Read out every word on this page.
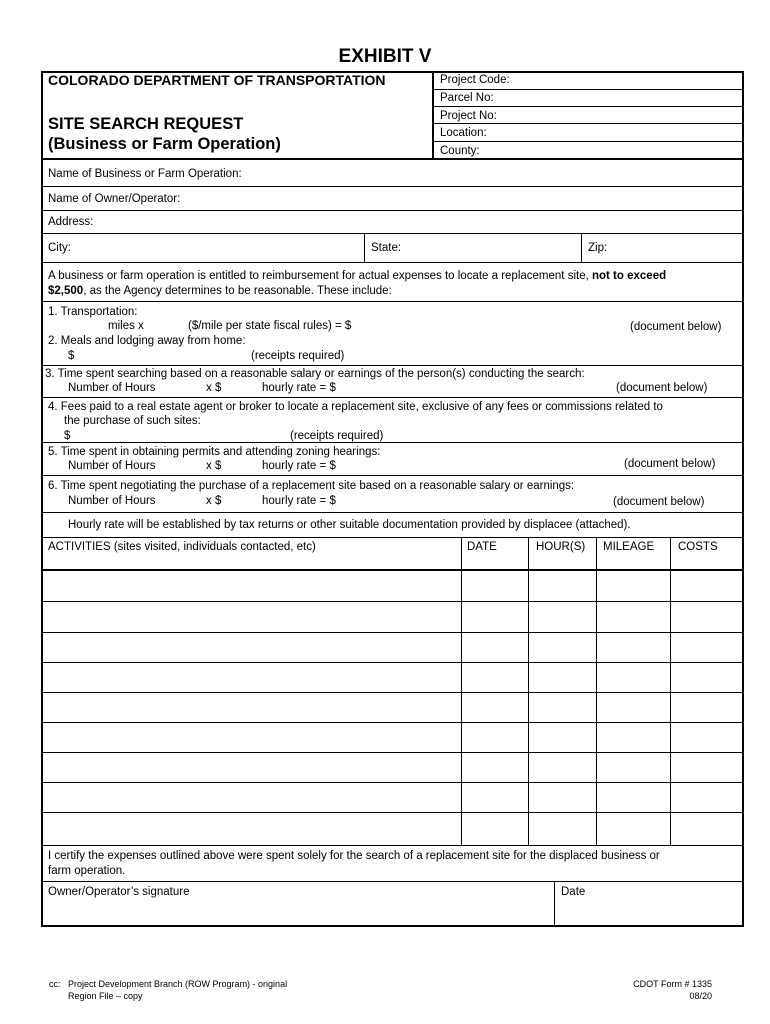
EXHIBIT V
COLORADO DEPARTMENT OF TRANSPORTATION
SITE SEARCH REQUEST
(Business or Farm Operation)
Project Code:
Parcel No:
Project No:
Location:
County:
Name of Business or Farm Operation:
Name of Owner/Operator:
Address:
City:	State:	Zip:
A business or farm operation is entitled to reimbursement for actual expenses to locate a replacement site, not to exceed
$2,500, as the Agency determines to be reasonable. These include:
1. Transportation:
miles x	($/mile per state fiscal rules) = $	(document below)
2. Meals and lodging away from home:
$	(receipts required)
3. Time spent searching based on a reasonable salary or earnings of the person(s) conducting the search:
Number of Hours	x $	hourly rate = $	(document below)
4. Fees paid to a real estate agent or broker to locate a replacement site, exclusive of any fees or commissions related to
the purchase of such sites:
$	(receipts required)
5. Time spent in obtaining permits and attending zoning hearings:
Number of Hours	x $	hourly rate = $	(document below)
6. Time spent negotiating the purchase of a replacement site based on a reasonable salary or earnings:
Number of Hours	x $	hourly rate = $	(document below)
Hourly rate will be established by tax returns or other suitable documentation provided by displacee (attached).
ACTIVITIES (sites visited, individuals contacted, etc)	DATE	HOUR(S) MILEAGE COSTS
I certify the expenses outlined above were spent solely for the search of a replacement site for the displaced business or
farm operation.
Owner/Operator’s signature	Date
cc: Project Development Branch (ROW Program) - original
Region File – copy
CDOT Form # 1335
08/20
